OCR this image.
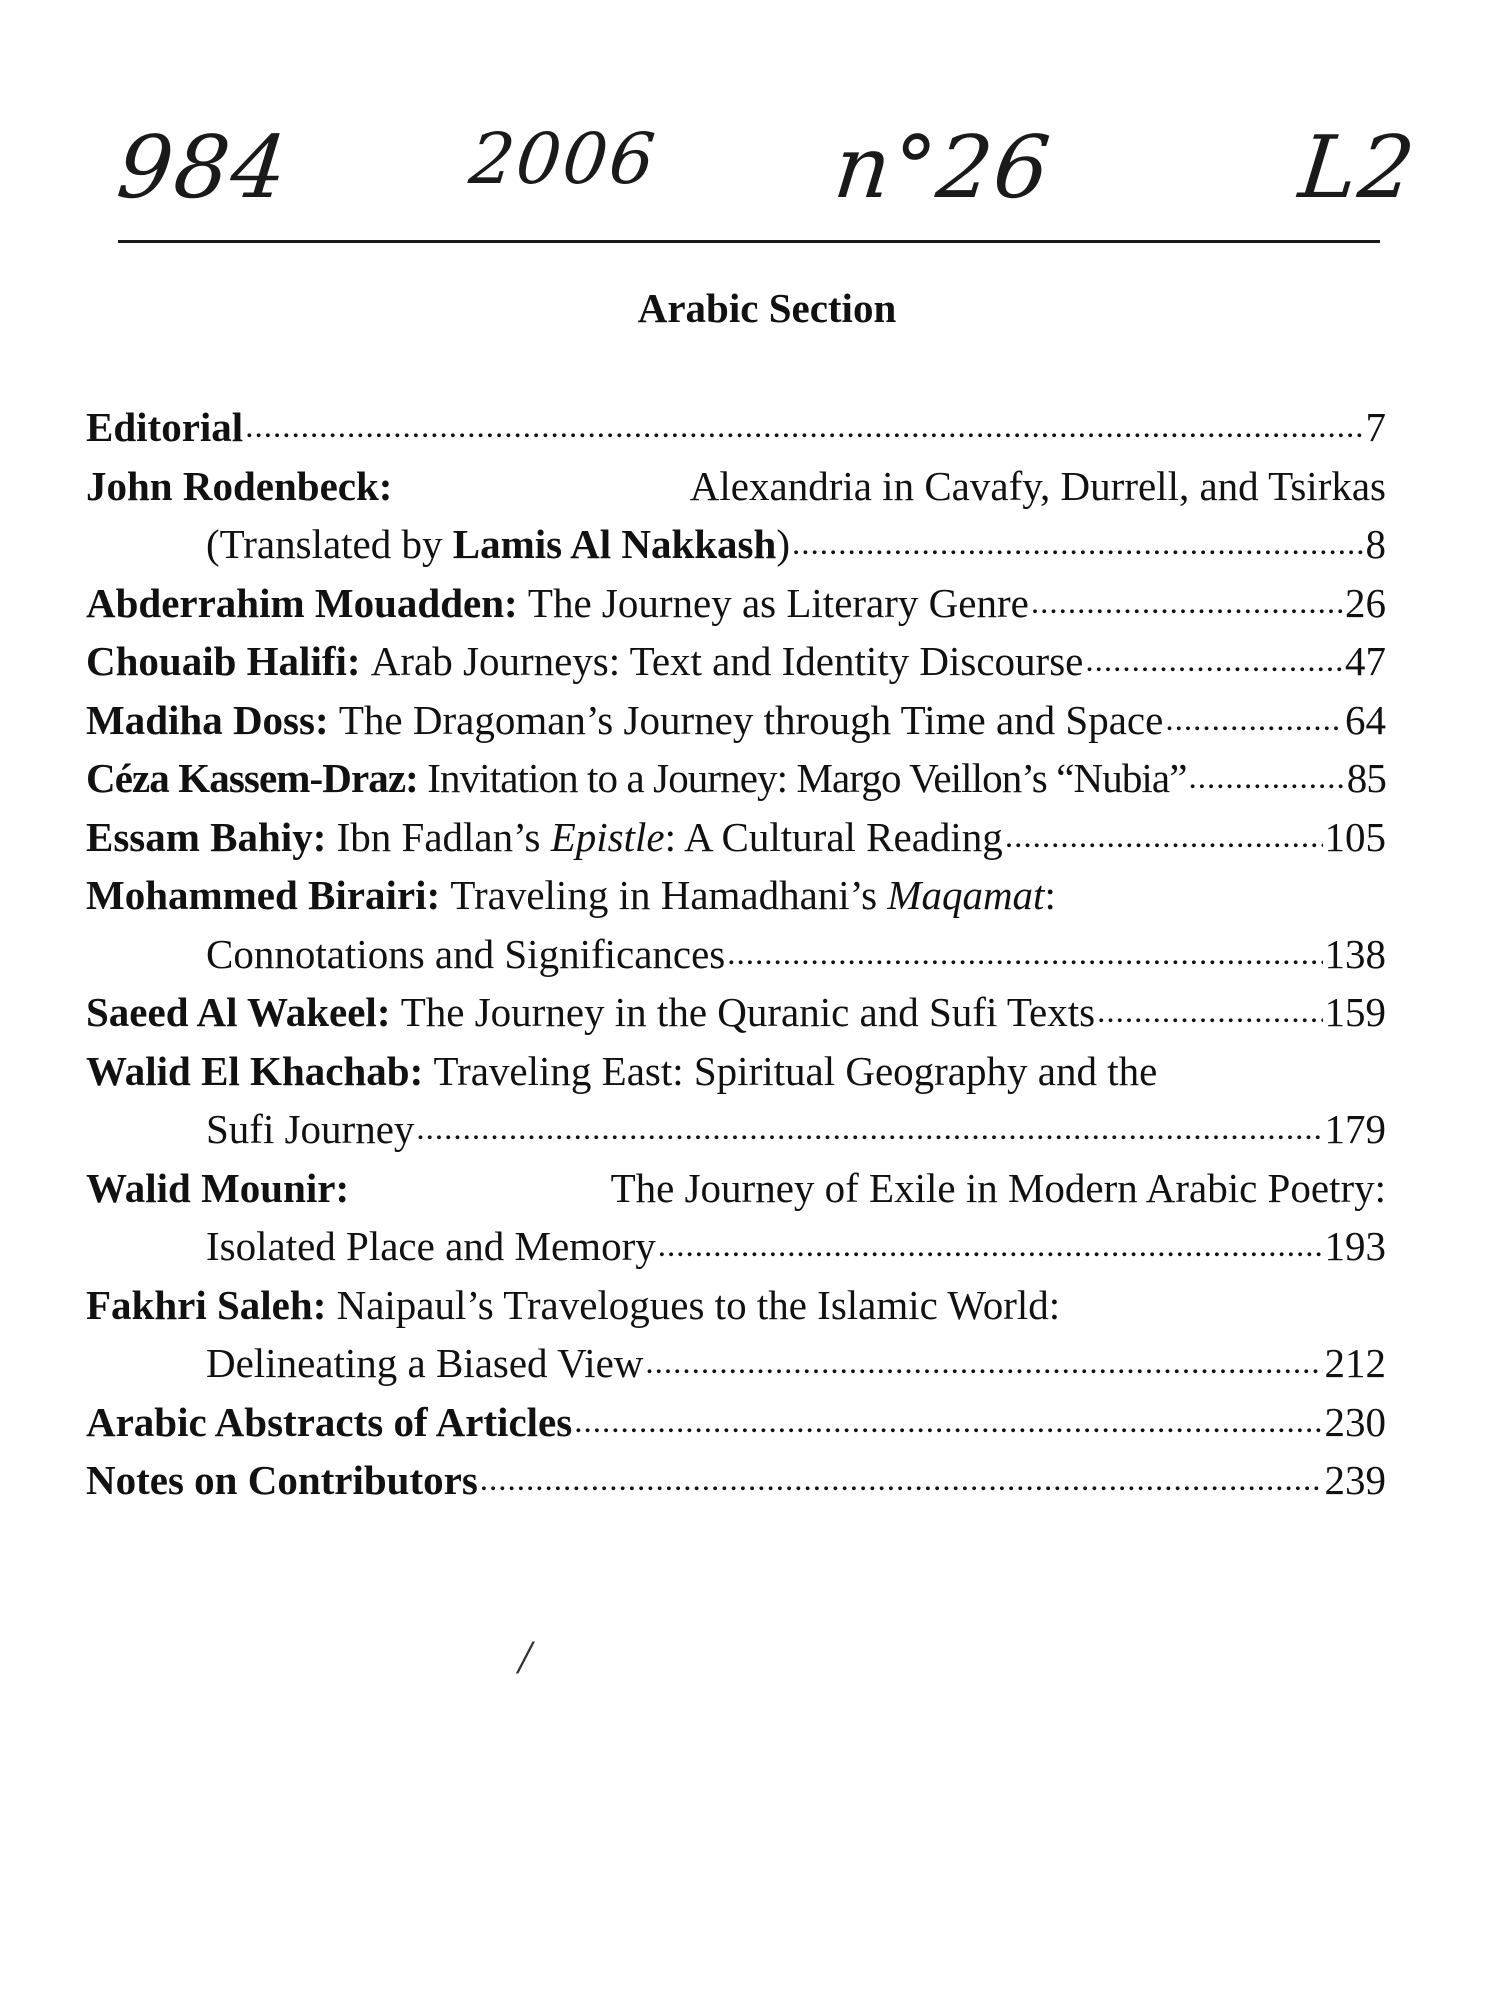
984 2006 n°26	L2
Arabic Section
Editorial .....	7
John Rodenbeck:	Alexandria in Cavafy, Durrell, and Tsirkas
(Translated by Lamis Al Nakkash) .....	8
Abderrahim Mouadden:
The Journey as Literary Genre .....	26
Chouaib Halifi:
Arab Journeys: Text and Identity Discourse .....	47
Madiha Doss:
The Dragoman’s Journey through Time and Space .....	64
Céza Kassem-Draz:
Invitation to a Journey: Margo Veillon’s “Nubia” .....	85
Essam Bahiy:
Ibn Fadlan’s Epistle: A Cultural Reading .....	105
Mohammed Birairi:
Traveling in Hamadhani’s Maqamat:
Connotations and Significances .....	138
Saeed Al Wakeel:
The Journey in the Quranic and Sufi Texts .....	159
Walid El Khachab:
Traveling East: Spiritual Geography and the
Sufi Journey .....	179
Walid Mounir:	The Journey of Exile in Modern Arabic Poetry:
Isolated Place and Memory .....	193
Fakhri Saleh:
Naipaul’s Travelogues to the Islamic World:
Delineating a Biased View .....	212
Arabic Abstracts of Articles .....	230
Notes on Contributors .....	239
/
